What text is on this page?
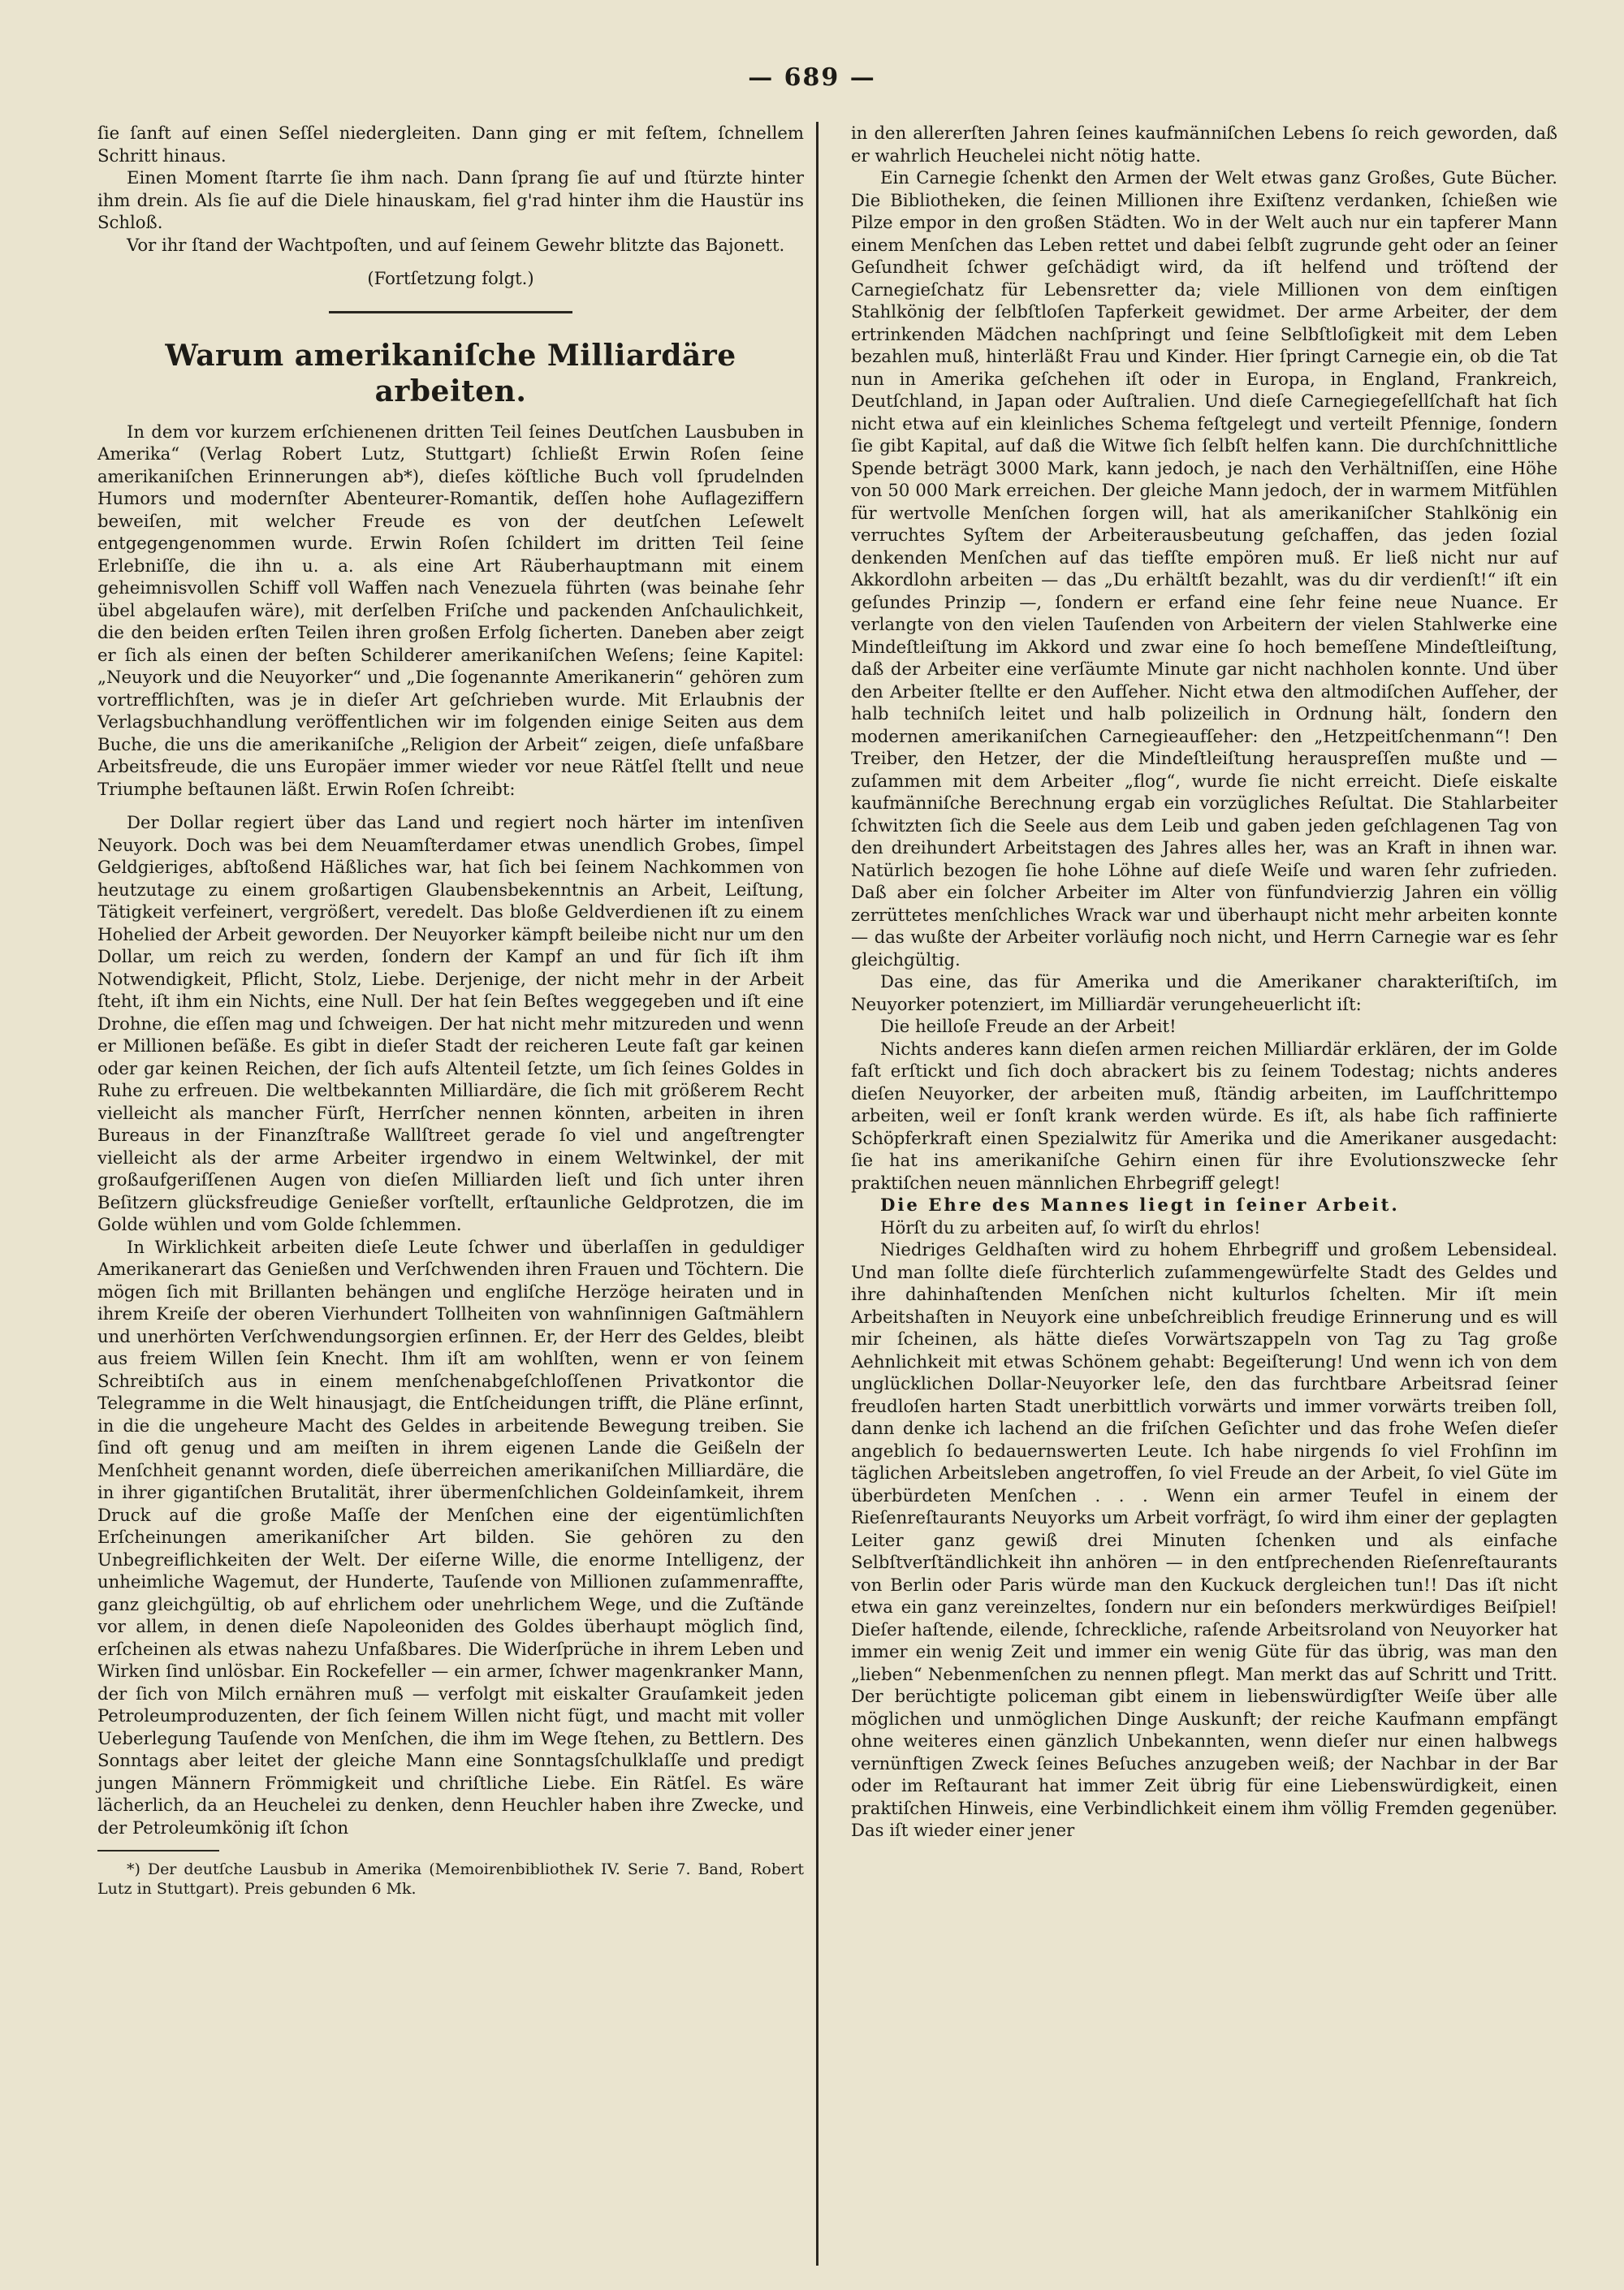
— 689 —

ſie ſanft auf einen Seſſel niedergleiten. Dann ging er mit feſtem, ſchnellem Schritt hinaus.

Einen Moment ſtarrte ſie ihm nach. Dann ſprang ſie auf und ſtürzte hinter ihm drein. Als ſie auf die Diele hinauskam, fiel g'rad hinter ihm die Haustür ins Schloß.

Vor ihr ſtand der Wachtpoſten, und auf ſeinem Gewehr blitzte das Bajonett.

(Fortſetzung folgt.)

Warum amerikaniſche Milliardäre arbeiten.

In dem vor kurzem erſchienenen dritten Teil ſeines Deutſchen Lausbuben in Amerika“ (Verlag Robert Lutz, Stuttgart) ſchließt Erwin Roſen ſeine amerikaniſchen Erinnerungen ab*), dieſes köſtliche Buch voll ſprudelnden Humors und modernſter Abenteurer-Romantik, deſſen hohe Auflageziffern beweiſen, mit welcher Freude es von der deutſchen Leſewelt entgegengenommen wurde. Erwin Roſen ſchildert im dritten Teil ſeine Erlebniſſe, die ihn u. a. als eine Art Räuberhauptmann mit einem geheimnisvollen Schiff voll Waffen nach Venezuela führten (was beinahe ſehr übel abgelaufen wäre), mit derſelben Friſche und packenden Anſchaulichkeit, die den beiden erſten Teilen ihren großen Erfolg ſicherten. Daneben aber zeigt er ſich als einen der beſten Schilderer amerikaniſchen Weſens; ſeine Kapitel: „Neuyork und die Neuyorker“ und „Die ſogenannte Amerikanerin“ gehören zum vortrefflichſten, was je in dieſer Art geſchrieben wurde. Mit Erlaubnis der Verlagsbuchhandlung veröffentlichen wir im folgenden einige Seiten aus dem Buche, die uns die amerikaniſche „Religion der Arbeit“ zeigen, dieſe unfaßbare Arbeitsfreude, die uns Europäer immer wieder vor neue Rätſel ſtellt und neue Triumphe beſtaunen läßt. Erwin Roſen ſchreibt:

Der Dollar regiert über das Land und regiert noch härter im intenſiven Neuyork. Doch was bei dem Neuamſterdamer etwas unendlich Grobes, ſimpel Geldgieriges, abſtoßend Häßliches war, hat ſich bei ſeinem Nachkommen von heutzutage zu einem großartigen Glaubensbekenntnis an Arbeit, Leiſtung, Tätigkeit verfeinert, vergrößert, veredelt. Das bloße Geldverdienen iſt zu einem Hohelied der Arbeit geworden. Der Neuyorker kämpft beileibe nicht nur um den Dollar, um reich zu werden, ſondern der Kampf an und für ſich iſt ihm Notwendigkeit, Pflicht, Stolz, Liebe. Derjenige, der nicht mehr in der Arbeit ſteht, iſt ihm ein Nichts, eine Null. Der hat ſein Beſtes weggegeben und iſt eine Drohne, die eſſen mag und ſchweigen. Der hat nicht mehr mitzureden und wenn er Millionen beſäße. Es gibt in dieſer Stadt der reicheren Leute faſt gar keinen oder gar keinen Reichen, der ſich aufs Altenteil ſetzte, um ſich ſeines Goldes in Ruhe zu erfreuen. Die weltbekannten Milliardäre, die ſich mit größerem Recht vielleicht als mancher Fürſt, Herrſcher nennen könnten, arbeiten in ihren Bureaus in der Finanzſtraße Wallſtreet gerade ſo viel und angeſtrengter vielleicht als der arme Arbeiter irgendwo in einem Weltwinkel, der mit großaufgeriſſenen Augen von dieſen Milliarden lieſt und ſich unter ihren Beſitzern glücksfreudige Genießer vorſtellt, erſtaunliche Geldprotzen, die im Golde wühlen und vom Golde ſchlemmen.

In Wirklichkeit arbeiten dieſe Leute ſchwer und überlaſſen in geduldiger Amerikanerart das Genießen und Verſchwenden ihren Frauen und Töchtern. Die mögen ſich mit Brillanten behängen und engliſche Herzöge heiraten und in ihrem Kreiſe der oberen Vierhundert Tollheiten von wahnſinnigen Gaſtmählern und unerhörten Verſchwendungsorgien erſinnen. Er, der Herr des Geldes, bleibt aus freiem Willen ſein Knecht. Ihm iſt am wohlſten, wenn er von ſeinem Schreibtiſch aus in einem menſchenabgeſchloſſenen Privatkontor die Telegramme in die Welt hinausjagt, die Entſcheidungen trifft, die Pläne erſinnt, in die die ungeheure Macht des Geldes in arbeitende Bewegung treiben. Sie ſind oft genug und am meiſten in ihrem eigenen Lande die Geißeln der Menſchheit genannt worden, dieſe überreichen amerikaniſchen Milliardäre, die in ihrer gigantiſchen Brutalität, ihrer übermenſchlichen Goldeinſamkeit, ihrem Druck auf die große Maſſe der Menſchen eine der eigentümlichſten Erſcheinungen amerikaniſcher Art bilden. Sie gehören zu den Unbegreiflichkeiten der Welt. Der eiſerne Wille, die enorme Intelligenz, der unheimliche Wagemut, der Hunderte, Tauſende von Millionen zuſammenraffte, ganz gleichgültig, ob auf ehrlichem oder unehrlichem Wege, und die Zuſtände vor allem, in denen dieſe Napoleoniden des Goldes überhaupt möglich ſind, erſcheinen als etwas nahezu Unfaßbares. Die Widerſprüche in ihrem Leben und Wirken ſind unlösbar. Ein Rockefeller — ein armer, ſchwer magenkranker Mann, der ſich von Milch ernähren muß — verfolgt mit eiskalter Grauſamkeit jeden Petroleumproduzenten, der ſich ſeinem Willen nicht fügt, und macht mit voller Ueberlegung Tauſende von Menſchen, die ihm im Wege ſtehen, zu Bettlern. Des Sonntags aber leitet der gleiche Mann eine Sonntagsſchulklaſſe und predigt jungen Männern Frömmigkeit und chriſtliche Liebe. Ein Rätſel. Es wäre lächerlich, da an Heuchelei zu denken, denn Heuchler haben ihre Zwecke, und der Petroleumkönig iſt ſchon

*) Der deutſche Lausbub in Amerika (Memoirenbibliothek IV. Serie 7. Band, Robert Lutz in Stuttgart). Preis gebunden 6 Mk.

in den allererſten Jahren ſeines kaufmänniſchen Lebens ſo reich geworden, daß er wahrlich Heuchelei nicht nötig hatte.

Ein Carnegie ſchenkt den Armen der Welt etwas ganz Großes, Gute Bücher. Die Bibliotheken, die ſeinen Millionen ihre Exiſtenz verdanken, ſchießen wie Pilze empor in den großen Städten. Wo in der Welt auch nur ein tapferer Mann einem Menſchen das Leben rettet und dabei ſelbſt zugrunde geht oder an ſeiner Geſundheit ſchwer geſchädigt wird, da iſt helfend und tröſtend der Carnegieſchatz für Lebensretter da; viele Millionen von dem einſtigen Stahlkönig der ſelbſtloſen Tapferkeit gewidmet. Der arme Arbeiter, der dem ertrinkenden Mädchen nachſpringt und ſeine Selbſtloſigkeit mit dem Leben bezahlen muß, hinterläßt Frau und Kinder. Hier ſpringt Carnegie ein, ob die Tat nun in Amerika geſchehen iſt oder in Europa, in England, Frankreich, Deutſchland, in Japan oder Auſtralien. Und dieſe Carnegiegeſellſchaft hat ſich nicht etwa auf ein kleinliches Schema feſtgelegt und verteilt Pfennige, ſondern ſie gibt Kapital, auf daß die Witwe ſich ſelbſt helfen kann. Die durchſchnittliche Spende beträgt 3000 Mark, kann jedoch, je nach den Verhältniſſen, eine Höhe von 50 000 Mark erreichen. Der gleiche Mann jedoch, der in warmem Mitfühlen für wertvolle Menſchen ſorgen will, hat als amerikaniſcher Stahlkönig ein verruchtes Syſtem der Arbeiterausbeutung geſchaffen, das jeden ſozial denkenden Menſchen auf das tiefſte empören muß. Er ließ nicht nur auf Akkordlohn arbeiten — das „Du erhältſt bezahlt, was du dir verdienſt!“ iſt ein geſundes Prinzip —, ſondern er erfand eine ſehr feine neue Nuance. Er verlangte von den vielen Tauſenden von Arbeitern der vielen Stahlwerke eine Mindeſtleiſtung im Akkord und zwar eine ſo hoch bemeſſene Mindeſtleiſtung, daß der Arbeiter eine verſäumte Minute gar nicht nachholen konnte. Und über den Arbeiter ſtellte er den Aufſeher. Nicht etwa den altmodiſchen Aufſeher, der halb techniſch leitet und halb polizeilich in Ordnung hält, ſondern den modernen amerikaniſchen Carnegieaufſeher: den „Hetzpeitſchenmann“! Den Treiber, den Hetzer, der die Mindeſtleiſtung herauspreſſen mußte und — zuſammen mit dem Arbeiter „flog“, wurde ſie nicht erreicht. Dieſe eiskalte kaufmänniſche Berechnung ergab ein vorzügliches Reſultat. Die Stahlarbeiter ſchwitzten ſich die Seele aus dem Leib und gaben jeden geſchlagenen Tag von den dreihundert Arbeitstagen des Jahres alles her, was an Kraft in ihnen war. Natürlich bezogen ſie hohe Löhne auf dieſe Weiſe und waren ſehr zufrieden. Daß aber ein ſolcher Arbeiter im Alter von fünfundvierzig Jahren ein völlig zerrüttetes menſchliches Wrack war und überhaupt nicht mehr arbeiten konnte — das wußte der Arbeiter vorläufig noch nicht, und Herrn Carnegie war es ſehr gleichgültig.

Das eine, das für Amerika und die Amerikaner charakteriſtiſch, im Neuyorker potenziert, im Milliardär verungeheuerlicht iſt:

Die heilloſe Freude an der Arbeit!

Nichts anderes kann dieſen armen reichen Milliardär erklären, der im Golde faſt erſtickt und ſich doch abrackert bis zu ſeinem Todestag; nichts anderes dieſen Neuyorker, der arbeiten muß, ſtändig arbeiten, im Laufſchrittempo arbeiten, weil er ſonſt krank werden würde. Es iſt, als habe ſich raffinierte Schöpferkraft einen Spezialwitz für Amerika und die Amerikaner ausgedacht: ſie hat ins amerikaniſche Gehirn einen für ihre Evolutionszwecke ſehr praktiſchen neuen männlichen Ehrbegriff gelegt!

Die Ehre des Mannes liegt in ſeiner Arbeit.

Hörſt du zu arbeiten auf, ſo wirſt du ehrlos!

Niedriges Geldhaſten wird zu hohem Ehrbegriff und großem Lebensideal. Und man ſollte dieſe fürchterlich zuſammengewürfelte Stadt des Geldes und ihre dahinhaſtenden Menſchen nicht kulturlos ſchelten. Mir iſt mein Arbeitshaſten in Neuyork eine unbeſchreiblich freudige Erinnerung und es will mir ſcheinen, als hätte dieſes Vorwärtszappeln von Tag zu Tag große Aehnlichkeit mit etwas Schönem gehabt: Begeiſterung! Und wenn ich von dem unglücklichen Dollar-Neuyorker leſe, den das furchtbare Arbeitsrad ſeiner freudloſen harten Stadt unerbittlich vorwärts und immer vorwärts treiben ſoll, dann denke ich lachend an die friſchen Geſichter und das frohe Weſen dieſer angeblich ſo bedauernswerten Leute. Ich habe nirgends ſo viel Frohſinn im täglichen Arbeitsleben angetroffen, ſo viel Freude an der Arbeit, ſo viel Güte im überbürdeten Menſchen . . . Wenn ein armer Teufel in einem der Rieſenreſtaurants Neuyorks um Arbeit vorfrägt, ſo wird ihm einer der geplagten Leiter ganz gewiß drei Minuten ſchenken und als einfache Selbſtverſtändlichkeit ihn anhören — in den entſprechenden Rieſenreſtaurants von Berlin oder Paris würde man den Kuckuck dergleichen tun!! Das iſt nicht etwa ein ganz vereinzeltes, ſondern nur ein beſonders merkwürdiges Beiſpiel! Dieſer haſtende, eilende, ſchreckliche, raſende Arbeitsroland von Neuyorker hat immer ein wenig Zeit und immer ein wenig Güte für das übrig, was man den „lieben“ Nebenmenſchen zu nennen pflegt. Man merkt das auf Schritt und Tritt. Der berüchtigte policeman gibt einem in liebenswürdigſter Weiſe über alle möglichen und unmöglichen Dinge Auskunft; der reiche Kaufmann empfängt ohne weiteres einen gänzlich Unbekannten, wenn dieſer nur einen halbwegs vernünftigen Zweck ſeines Beſuches anzugeben weiß; der Nachbar in der Bar oder im Reſtaurant hat immer Zeit übrig für eine Liebenswürdigkeit, einen praktiſchen Hinweis, eine Verbindlichkeit einem ihm völlig Fremden gegenüber. Das iſt wieder einer jener
